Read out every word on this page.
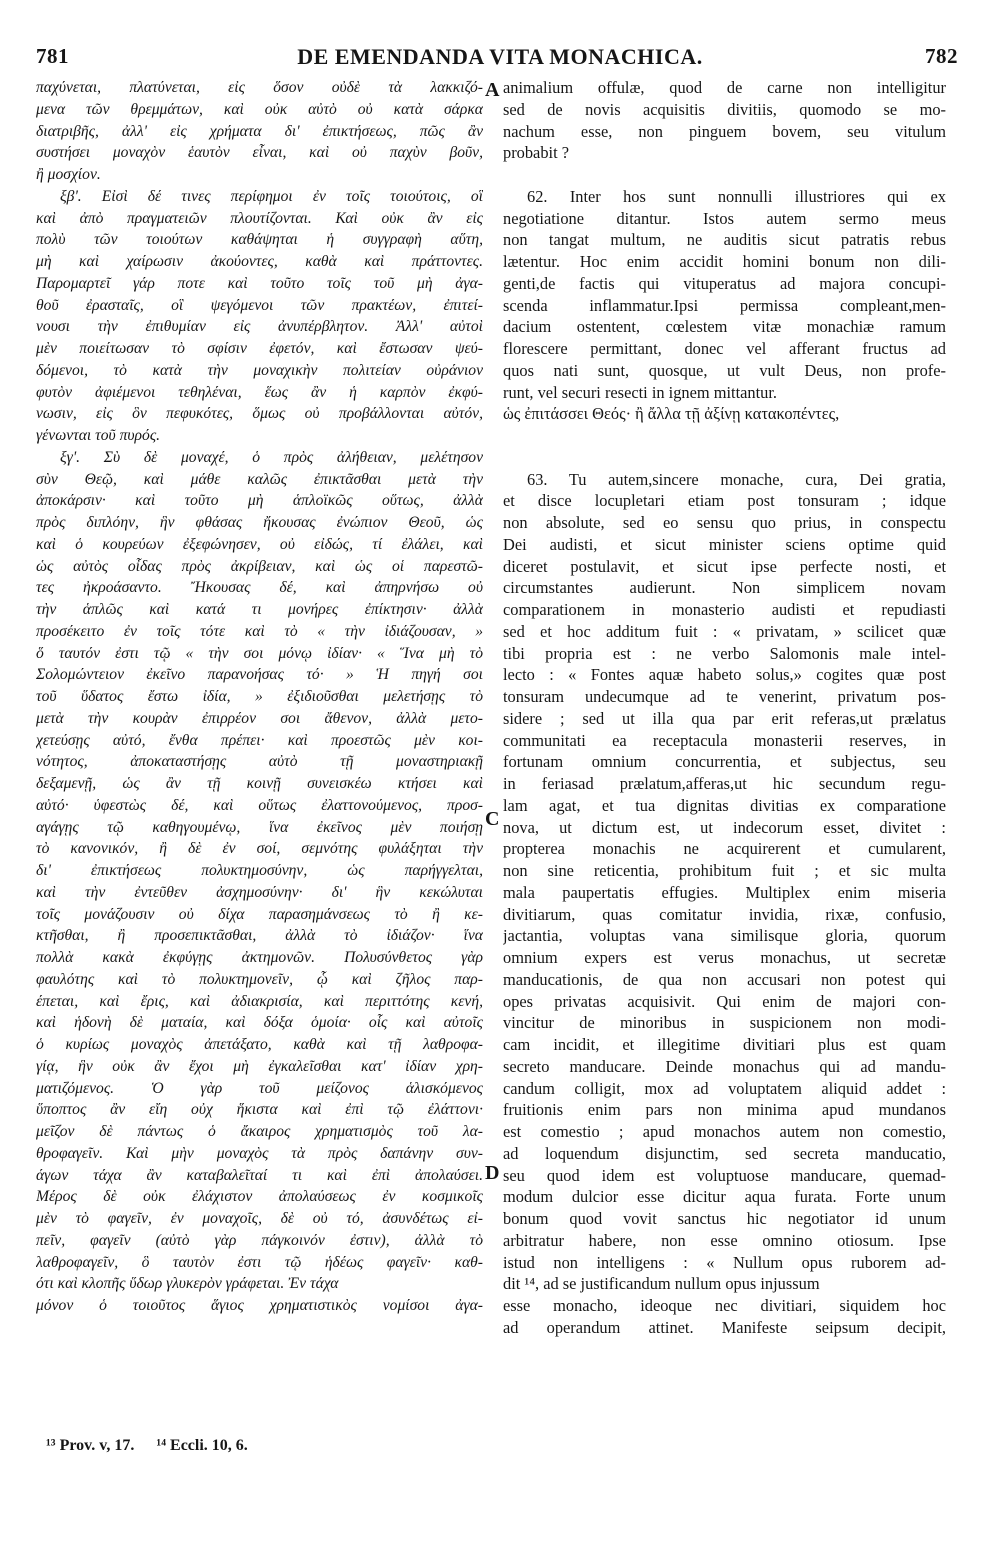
781	DE EMENDANDA VITA MONACHICA.	782
παχύνεται, πλατύνεται, εἰς ὅσον οὐδὲ τὰ λακκιζό-
μενα τῶν θρεμμάτων, καὶ οὐκ αὐτὸ οὐ κατὰ σάρκα
διατριβῆς, ἀλλ' εἰς χρήματα δι' ἐπικτήσεως, πῶς ἂν
συστήσει μοναχὸν ἑαυτὸν εἶναι, καὶ οὐ παχὺν βοῦν,
ἢ μοσχίον.
ξβ'. Εἰσὶ δέ τινες περίφημοι ἐν τοῖς τοιούτοις, οἳ
καὶ ἀπὸ πραγματειῶν πλουτίζονται. Καὶ οὐκ ἂν εἰς
πολὺ τῶν τοιούτων καθάψηται ἡ συγγραφὴ αὕτη,
μὴ καὶ χαίρωσιν ἀκούοντες, καθὰ καὶ πράττοντες.
Παρομαρτεῖ γάρ ποτε καὶ τοῦτο τοῖς τοῦ μὴ ἀγα-
θοῦ ἐρασταῖς, οἳ ψεγόμενοι τῶν πρακτέων, ἐπιτεί-
νουσι τὴν ἐπιθυμίαν εἰς ἀνυπέρβλητον. Ἀλλ' αὐτοὶ
μὲν ποιείτωσαν τὸ σφίσιν ἐφετόν, καὶ ἔστωσαν ψεύ-
δόμενοι, τὸ κατὰ τὴν μοναχικὴν πολιτείαν οὐράνιον
φυτὸν ἀφιέμενοι τεθηλέναι, ἕως ἂν ἡ καρπὸν ἐκφύ-
νωσιν, εἰς ὃν πεφυκότες, ὅμως οὐ προβάλλονται αὐτόν,
γένωνται τοῦ πυρός.
ξγ'. Σὺ δὲ μοναχέ, ὁ πρὸς ἀλήθειαν, μελέτησον
σὺν Θεῷ, καὶ μάθε καλῶς ἐπικτᾶσθαι μετὰ τὴν
ἀποκάρσιν· καὶ τοῦτο μὴ ἁπλοϊκῶς οὕτως, ἀλλὰ
πρὸς διπλόην, ἣν φθάσας ἤκουσας ἐνώπιον Θεοῦ, ὡς
καὶ ὁ κουρεύων ἐξεφώνησεν, οὐ εἰδώς, τί ἐλάλει, καὶ
ὡς αὐτὸς οἶδας πρὸς ἀκρίβειαν, καὶ ὡς οἱ παρεστῶ-
τες ἠκροάσαντο. Ἤκουσας δέ, καὶ ἀπηρνήσω οὐ
τὴν ἁπλῶς καὶ κατά τι μονήρες ἐπίκτησιν· ἀλλὰ
προσέκειτο ἐν τοῖς τότε καὶ τὸ « τὴν ἰδιάζουσαν, »
ὅ ταυτόν ἐστι τῷ « τὴν σοι μόνῳ ἰδίαν· « Ἵνα μὴ τὸ
Σολομώντειον ἐκεῖνο παρανοήσας τό· » Ἡ πηγή σοι
τοῦ ὕδατος ἔστω ἰδία, » ἐξιδιοῦσθαι μελετήσῃς τὸ
μετὰ τὴν κουρὰν ἐπιρρέον σοι ἄθενον, ἀλλὰ μετο-
χετεύσῃς αὐτό, ἔνθα πρέπει· καὶ προεστῶς μὲν κοι-
νότητος, ἀποκαταστήσῃς αὐτὸ τῇ μοναστηριακῇ
δεξαμενῇ, ὡς ἂν τῇ κοινῇ συνεισκέω κτήσει καὶ
αὐτό· ὑφεστὼς δέ, καὶ οὕτως ἐλαττονούμενος, προσ-
αγάγῃς τῷ καθηγουμένῳ, ἵνα ἐκεῖνος μὲν ποιήσῃ
τὸ κανονικόν, ἢ δὲ ἐν σοί, σεμνότης φυλάξηται τὴν
δι' ἐπικτήσεως πολυκτημοσύνην, ὡς παρήγγελται,
καὶ τὴν ἐντεῦθεν ἀσχημοσύνην· δι' ἣν κεκώλυται
τοῖς μονάζουσιν οὐ δίχα παρασημάνσεως τὸ ἢ κε-
κτῆσθαι, ἢ προσεπικτᾶσθαι, ἀλλὰ τὸ ἰδιάζον· ἵνα
πολλὰ κακὰ ἐκφύγῃς ἀκτημονῶν. Πολυσύνθετος γὰρ
φαυλότης καὶ τὸ πολυκτημονεῖν, ᾧ καὶ ζῆλος παρ-
έπεται, καὶ ἔρις, καὶ ἀδιακρισία, καὶ περιττότης κενή,
καὶ ἡδονὴ δὲ ματαία, καὶ δόξα ὁμοία· οἷς καὶ αὐτοῖς
ὁ κυρίως μοναχὸς ἀπετάξατο, καθὰ καὶ τῇ λαθροφα-
γίᾳ, ἣν οὐκ ἂν ἔχοι μὴ ἐγκαλεῖσθαι κατ' ἰδίαν χρη-
ματιζόμενος. Ὁ γὰρ τοῦ μείζονος ἁλισκόμενος
ὕποπτος ἂν εἴη οὐχ ἥκιστα καὶ ἐπὶ τῷ ἐλάττονι·
μεῖζον δὲ πάντως ὁ ἄκαιρος χρηματισμὸς τοῦ λα-
θροφαγεῖν. Καὶ μὴν μοναχὸς τὰ πρὸς δαπάνην συν-
άγων τάχα ἂν καταβαλεῖταί τι καὶ ἐπὶ ἀπολαύσει.
Μέρος δὲ οὐκ ἐλάχιστον ἀπολαύσεως ἐν κοσμικοῖς
μὲν τὸ φαγεῖν, ἐν μοναχοῖς, δὲ οὐ τό, ἀσυνδέτως εἰ-
πεῖν, φαγεῖν (αὐτὸ γὰρ πάγκοινόν ἐστιν), ἀλλὰ τὸ
λαθροφαγεῖν, ὃ ταυτὸν ἐστι τῷ ἡδέως φαγεῖν· καθ-
ότι καὶ κλοπῆς ὕδωρ γλυκερὸν γράφεται. Ἐν τάχα
μόνον ὁ τοιοῦτος ἅγιος χρηματιστικὸς νομίσοι ἀγα-
animalium offulæ, quod de carne non intelligitur
sed de novis acquisitis divitiis, quomodo se mo-
nachum esse, non pinguem bovem, seu vitulum
probabit ?
62. Inter hos sunt nonnulli illustriores qui ex
negotiatione ditantur. Istos autem sermo meus
non tangat multum, ne auditis sicut patratis rebus
lætentur. Hoc enim accidit homini bonum non dili-
genti,de factis qui vituperatus ad majora concupi-
scenda inflammatur.Ipsi permissa compleant,men-
dacium ostentent, cœlestem vitæ monachiæ ramum
florescere permittant, donec vel afferant fructus ad
quos nati sunt, quosque, ut vult Deus, non profe-
runt, vel securi resecti in ignem mittantur.
ὡς ἐπιτάσσει Θεός· ἢ ἄλλα τῇ ἀξίνῃ κατακοπέντες,
63. Tu autem,sincere monache, cura, Dei gratia,
et disce locupletari etiam post tonsuram ; idque
non absolute, sed eo sensu quo prius, in conspectu
Dei audisti, et sicut minister sciens optime quid
diceret postulavit, et sicut ipse perfecte nosti, et
circumstantes audierunt. Non simplicem novam
comparationem in monasterio audisti et repudiasti
sed et hoc additum fuit : « privatam, » scilicet quæ
tibi propria est : ne verbo Salomonis male intel-
lecto : « Fontes aquæ habeto solus,» cogites quæ post
tonsuram undecumque ad te venerint, privatum pos-
sidere ; sed ut illa qua par erit referas,ut prælatus
communitati ea receptacula monasterii reserves, in
fortunam omnium concurrentia, et subjectus, seu
in feriasad prælatum,afferas,ut hic secundum regu-
lam agat, et tua dignitas divitias ex comparatione
nova, ut dictum est, ut indecorum esset, divitet :
propterea monachis ne acquirerent et cumularent,
non sine reticentia, prohibitum fuit ; et sic multa
mala paupertatis effugies. Multiplex enim miseria
divitiarum, quas comitatur invidia, rixæ, confusio,
jactantia, voluptas vana similisque gloria, quorum
omnium expers est verus monachus, ut secretæ
manducationis, de qua non accusari non potest qui
opes privatas acquisivit. Qui enim de majori con-
vincitur de minoribus in suspicionem non modi-
cam incidit, et illegitime divitiari plus est quam
secreto manducare. Deinde monachus qui ad mandu-
candum colligit, mox ad voluptatem aliquid addet :
fruitionis enim pars non minima apud mundanos
est comestio ; apud monachos autem non comestio,
ad loquendum disjunctim, sed secreta manducatio,
seu quod idem est voluptuose manducare, quemad-
modum dulcior esse dicitur aqua furata. Forte unum
bonum quod vovit sanctus hic negotiator id unum
arbitratur habere, non esse omnino otiosum. Ipse
istud non intelligens : « Nullum opus ruborem ad-
dit ¹⁴, ad se justificandum nullum opus injussum
esse monacho, ideoque nec divitiari, siquidem hoc
ad operandum attinet. Manifeste seipsum decipit,
A
C
D
¹³ Prov. v, 17. ¹⁴ Eccli. 10, 6.
